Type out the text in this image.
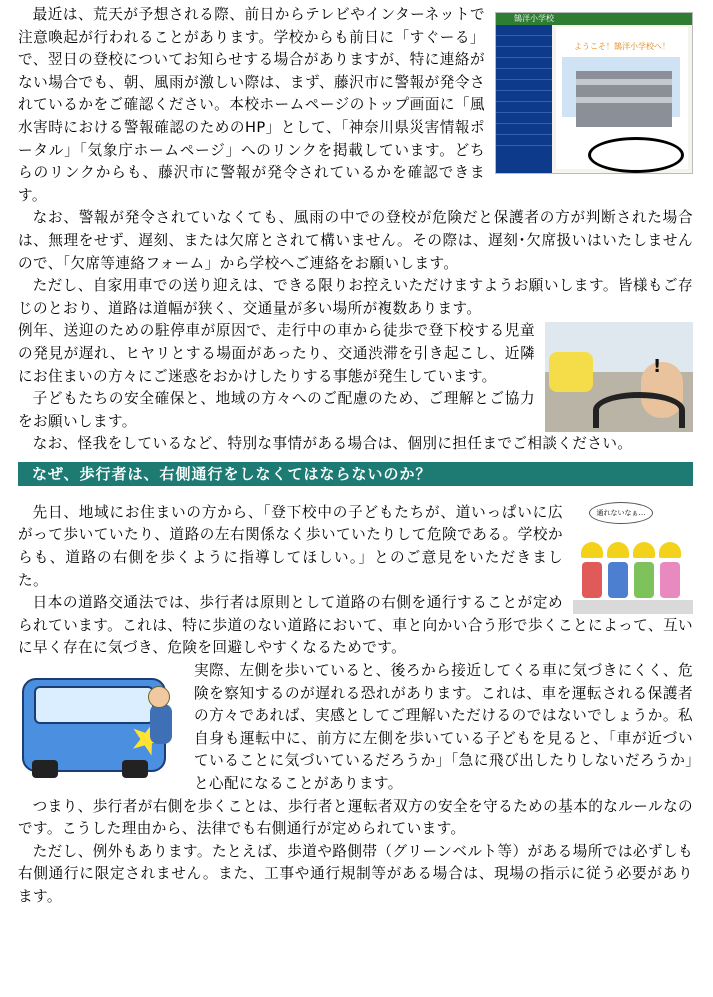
鵠洋小学校
ようこそ！鵠洋小学校へ！

最近は、荒天が予想される際、前日からテレビやインターネットで注意喚起が行われることがあります。学校からも前日に「すぐーる」で、翌日の登校についてお知らせする場合がありますが、特に連絡がない場合でも、朝、風雨が激しい際は、まず、藤沢市に警報が発令されているかをご確認ください。本校ホームページのトップ画面に「風水害時における警報確認のためのHP」として、「神奈川県災害情報ポータル」「気象庁ホームページ」へのリンクを掲載しています。どちらのリンクからも、藤沢市に警報が発令されているかを確認できます。

なお、警報が発令されていなくても、風雨の中での登校が危険だと保護者の方が判断された場合は、無理をせず、遅刻、または欠席とされて構いません。その際は、遅刻･欠席扱いはいたしませんので、「欠席等連絡フォーム」から学校へご連絡をお願いします。

ただし、自家用車での送り迎えは、できる限りお控えいただけますようお願いします。皆様もご存じのとおり、道路は道幅が狭く、交通量が多い場所が複数あります。

!

例年、送迎のための駐停車が原因で、走行中の車から徒歩で登下校する児童の発見が遅れ、ヒヤリとする場面があったり、交通渋滞を引き起こし、近隣にお住まいの方々にご迷惑をおかけしたりする事態が発生しています。

子どもたちの安全確保と、地域の方々へのご配慮のため、ご理解とご協力をお願いします。

なお、怪我をしているなど、特別な事情がある場合は、個別に担任までご相談ください。

なぜ、歩行者は、右側通行をしなくてはならないのか？
通れないなぁ…

先日、地域にお住まいの方から、「登下校中の子どもたちが、道いっぱいに広がって歩いていたり、道路の左右関係なく歩いていたりして危険である。学校からも、道路の右側を歩くように指導してほしい。」とのご意見をいただきました。

日本の道路交通法では、歩行者は原則として道路の右側を通行することが定められています。これは、特に歩道のない道路において、車と向かい合う形で歩くことによって、互いに早く存在に気づき、危険を回避しやすくなるためです。

実際、左側を歩いていると、後ろから接近してくる車に気づきにくく、危険を察知するのが遅れる恐れがあります。これは、車を運転される保護者の方々であれば、実感としてご理解いただけるのではないでしょうか。私自身も運転中に、前方に左側を歩いている子どもを見ると、「車が近づいていることに気づいているだろうか」「急に飛び出したりしないだろうか」と心配になることがあります。

つまり、歩行者が右側を歩くことは、歩行者と運転者双方の安全を守るための基本的なルールなのです。こうした理由から、法律でも右側通行が定められています。

ただし、例外もあります。たとえば、歩道や路側帯（グリーンベルト等）がある場所では必ずしも右側通行に限定されません。また、工事や通行規制等がある場合は、現場の指示に従う必要があります。
